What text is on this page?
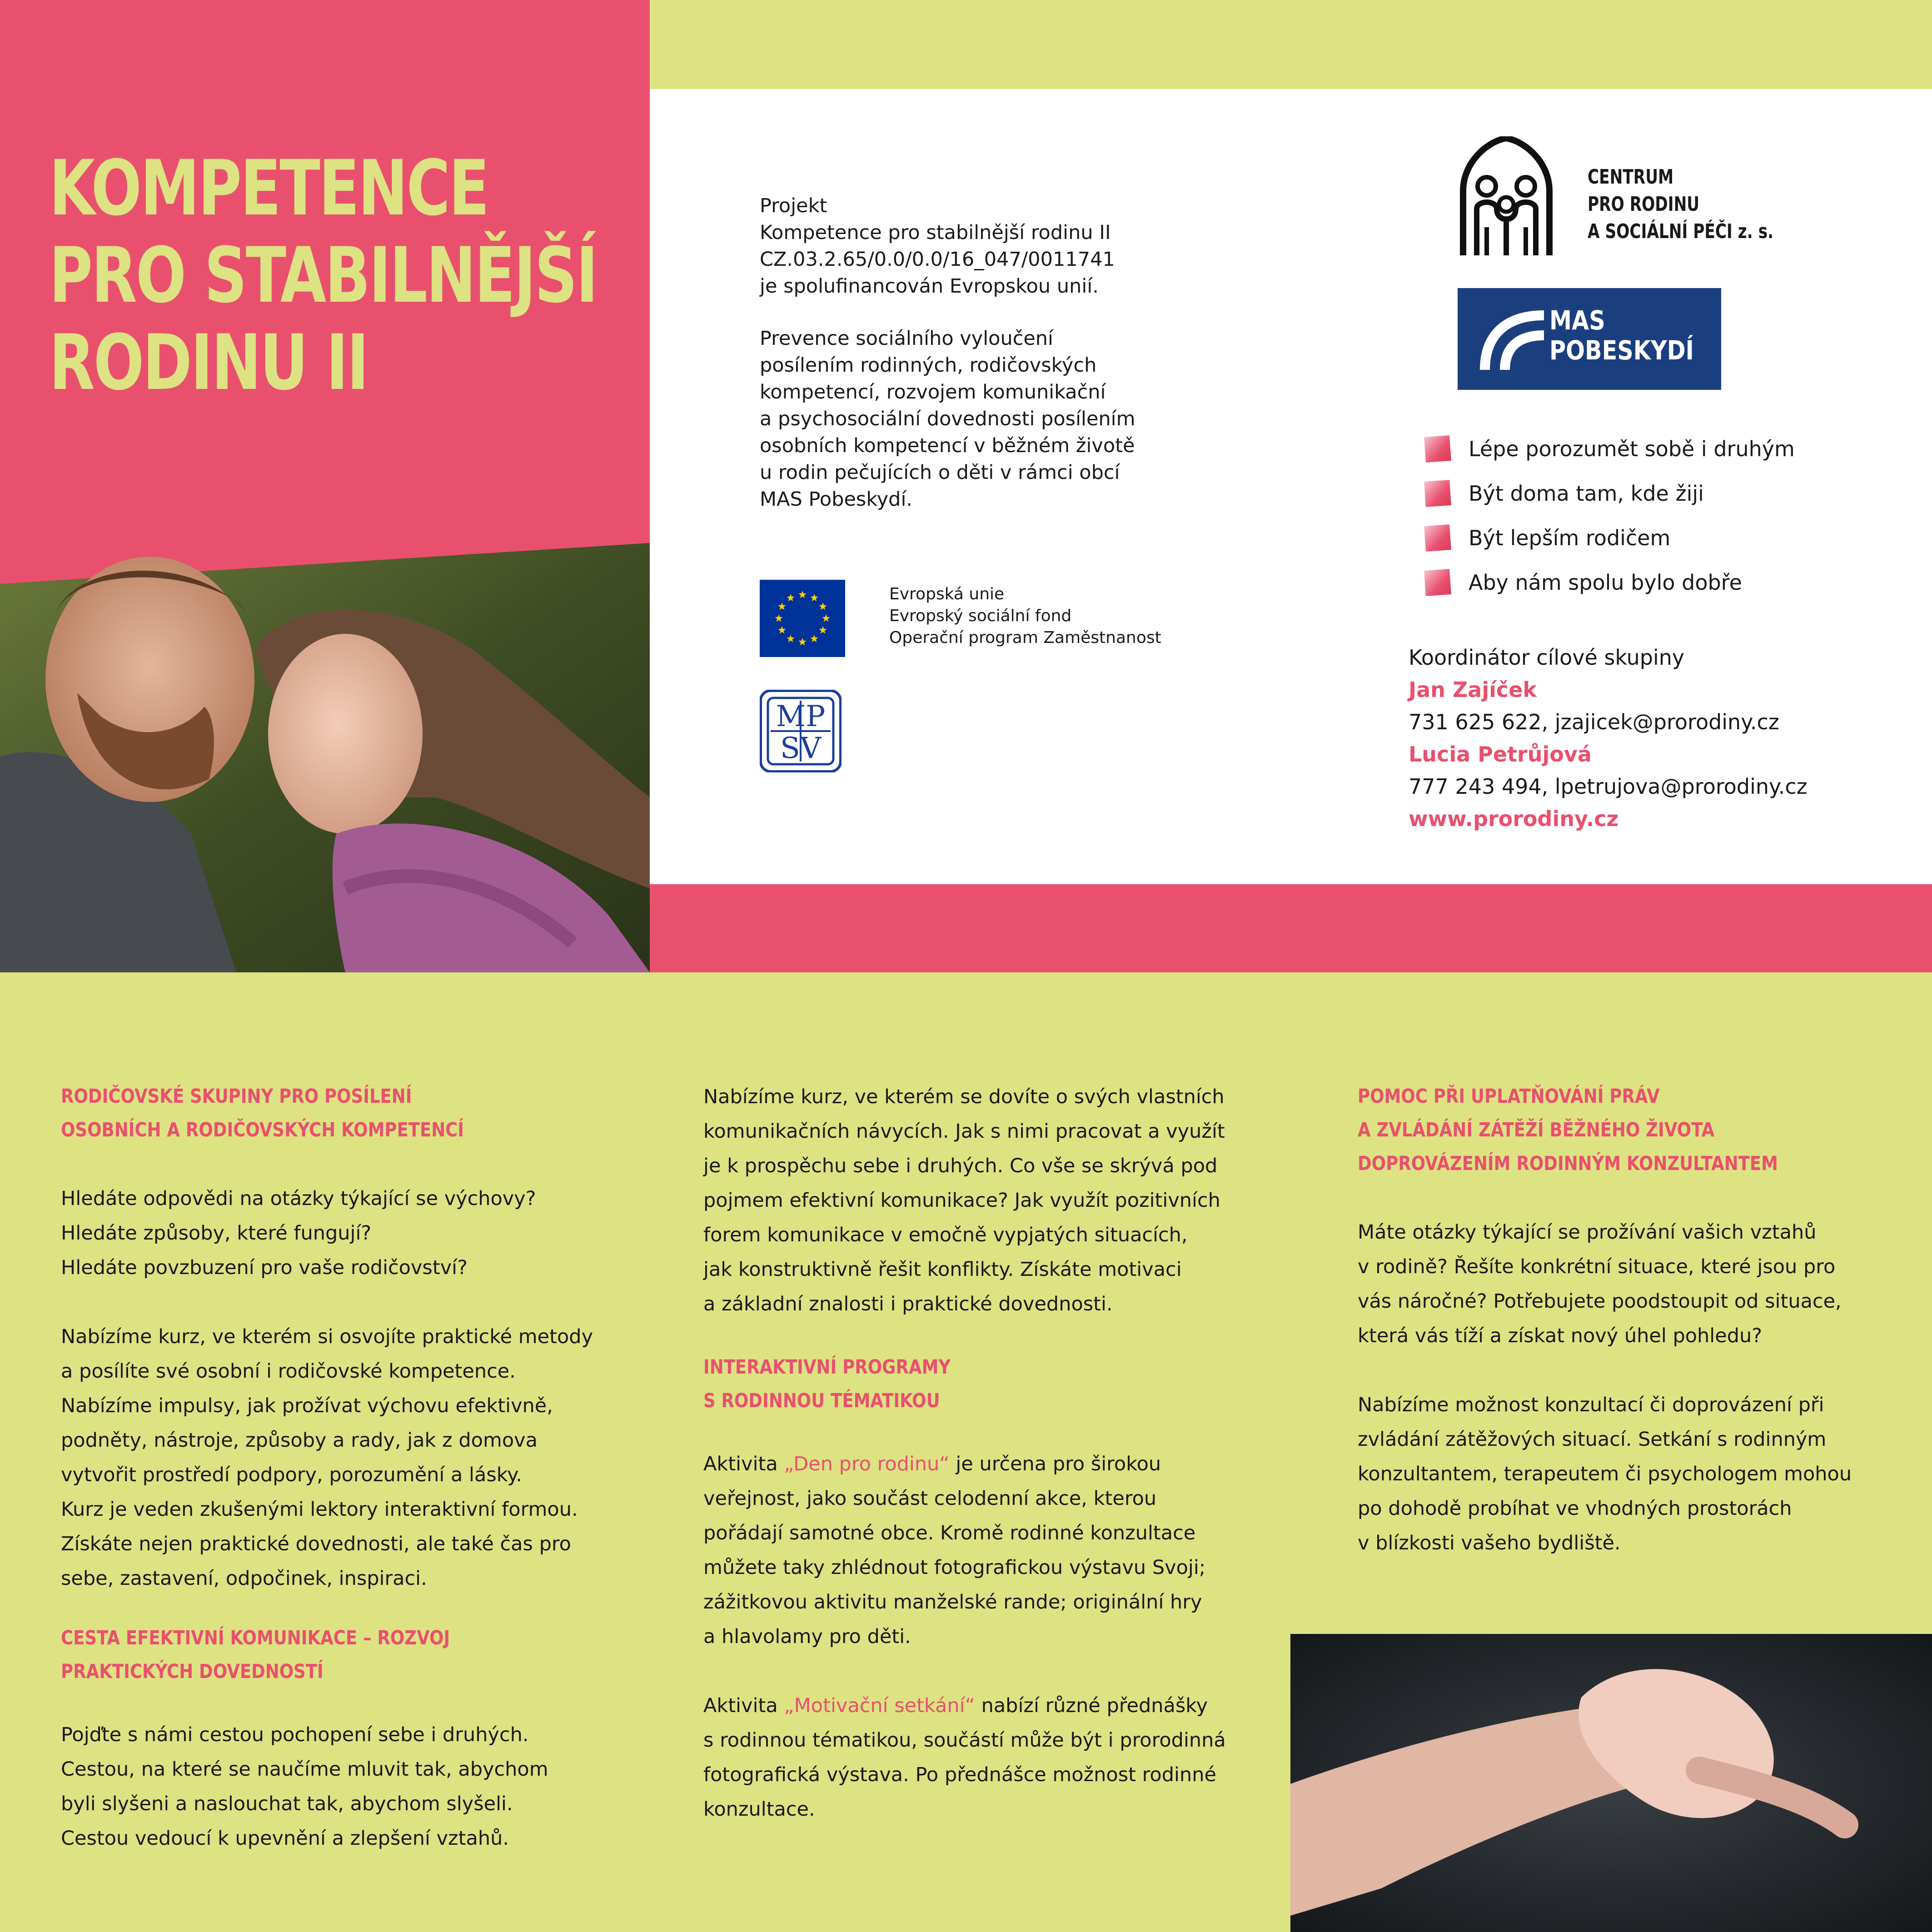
KOMPETENCE
PRO STABILNĚJŠÍ
RODINU II
Projekt
Kompetence pro stabilnější rodinu II
CZ.03.2.65/0.0/0.0/16_047/0011741
je spolufinancován Evropskou unií.
Prevence sociálního vyloučení
posílením rodinných, rodičovských
kompetencí, rozvojem komunikační
a psychosociální dovednosti posílením
osobních kompetencí v běžném životě
u rodin pečujících o děti v rámci obcí
MAS Pobeskydí.
Evropská unie
Evropský sociální fond
Operační program Zaměstnanost
MP
SV
CENTRUM
PRO RODINU
A SOCIÁLNÍ PÉČI z. s.
MAS
POBESKYDÍ
Lépe porozumět sobě i druhým
Být doma tam, kde žiji
Být lepším rodičem
Aby nám spolu bylo dobře
Koordinátor cílové skupiny
Jan Zajíček
731 625 622, jzajicek@prorodiny.cz
Lucia Petrůjová
777 243 494, lpetrujova@prorodiny.cz
www.prorodiny.cz
RODIČOVSKÉ SKUPINY PRO POSÍLENÍ
OSOBNÍCH A RODIČOVSKÝCH KOMPETENCÍ
Hledáte odpovědi na otázky týkající se výchovy?
Hledáte způsoby, které fungují?
Hledáte povzbuzení pro vaše rodičovství?
Nabízíme kurz, ve kterém si osvojíte praktické metody
a posílíte své osobní i rodičovské kompetence.
Nabízíme impulsy, jak prožívat výchovu efektivně,
podněty, nástroje, způsoby a rady, jak z domova
vytvořit prostředí podpory, porozumění a lásky.
Kurz je veden zkušenými lektory interaktivní formou.
Získáte nejen praktické dovednosti, ale také čas pro
sebe, zastavení, odpočinek, inspiraci.
CESTA EFEKTIVNÍ KOMUNIKACE – ROZVOJ
PRAKTICKÝCH DOVEDNOSTÍ
Pojďte s námi cestou pochopení sebe i druhých.
Cestou, na které se naučíme mluvit tak, abychom
byli slyšeni a naslouchat tak, abychom slyšeli.
Cestou vedoucí k upevnění a zlepšení vztahů.
Nabízíme kurz, ve kterém se dovíte o svých vlastních
komunikačních návycích. Jak s nimi pracovat a využít
je k prospěchu sebe i druhých. Co vše se skrývá pod
pojmem efektivní komunikace? Jak využít pozitivních
forem komunikace v emočně vypjatých situacích,
jak konstruktivně řešit konflikty. Získáte motivaci
a základní znalosti i praktické dovednosti.
INTERAKTIVNÍ PROGRAMY
S RODINNOU TÉMATIKOU
Aktivita „Den pro rodinu“ je určena pro širokou
veřejnost, jako součást celodenní akce, kterou
pořádají samotné obce. Kromě rodinné konzultace
můžete taky zhlédnout fotografickou výstavu Svoji;
zážitkovou aktivitu manželské rande; originální hry
a hlavolamy pro děti.
Aktivita „Motivační setkání“ nabízí různé přednášky
s rodinnou tématikou, součástí může být i prorodinná
fotografická výstava. Po přednášce možnost rodinné
konzultace.
POMOC PŘI UPLATŇOVÁNÍ PRÁV
A ZVLÁDÁNÍ ZÁTĚŽÍ BĚŽNÉHO ŽIVOTA
DOPROVÁZENÍM RODINNÝM KONZULTANTEM
Máte otázky týkající se prožívání vašich vztahů
v rodině? Řešíte konkrétní situace, které jsou pro
vás náročné? Potřebujete poodstoupit od situace,
která vás tíží a získat nový úhel pohledu?
Nabízíme možnost konzultací či doprovázení při
zvládání zátěžových situací. Setkání s rodinným
konzultantem, terapeutem či psychologem mohou
po dohodě probíhat ve vhodných prostorách
v blízkosti vašeho bydliště.
